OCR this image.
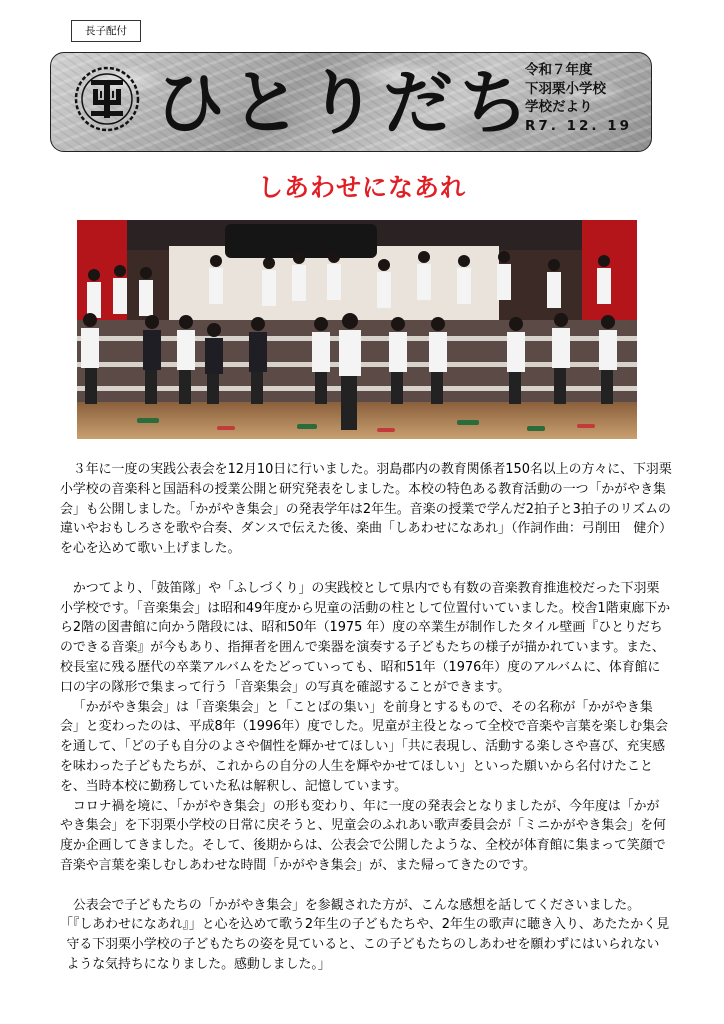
長子配付
ひとりだち
令和７年度
下羽栗小学校
学校だより
R7. 12. 19
しあわせになあれ

３年に一度の実践公表会を12月10日に行いました。羽島郡内の教育関係者150名以上の方々に、下羽栗小学校の音楽科と国語科の授業公開と研究発表をしました。本校の特色ある教育活動の一つ「かがやき集会」も公開しました。「かがやき集会」の発表学年は2年生。音楽の授業で学んだ2拍子と3拍子のリズムの違いやおもしろさを歌や合奏、ダンスで伝えた後、楽曲「しあわせになあれ」（作詞作曲：弓削田　健介）を心を込めて歌い上げました。

かつてより、「鼓笛隊」や「ふしづくり」の実践校として県内でも有数の音楽教育推進校だった下羽栗小学校です。「音楽集会」は昭和49年度から児童の活動の柱として位置付いていました。校舎1階東廊下から2階の図書館に向かう階段には、昭和50年（1975 年）度の卒業生が制作したタイル壁画『ひとりだちのできる音楽』が今もあり、指揮者を囲んで楽器を演奏する子どもたちの様子が描かれています。また、校長室に残る歴代の卒業アルバムをたどっていっても、昭和51年（1976年）度のアルバムに、体育館に口の字の隊形で集まって行う「音楽集会」の写真を確認することができます。

「かがやき集会」は「音楽集会」と「ことばの集い」を前身とするもので、その名称が「かがやき集会」と変わったのは、平成8年（1996年）度でした。児童が主役となって全校で音楽や言葉を楽しむ集会を通して、「どの子も自分のよさや個性を輝かせてほしい」「共に表現し、活動する楽しさや喜び、充実感を味わった子どもたちが、これからの自分の人生を輝やかせてほしい」といった願いから名付けたことを、当時本校に勤務していた私は解釈し、記憶しています。

コロナ禍を境に、「かがやき集会」の形も変わり、年に一度の発表会となりましたが、今年度は「かがやき集会」を下羽栗小学校の日常に戻そうと、児童会のふれあい歌声委員会が「ミニかがやき集会」を何度か企画してきました。そして、後期からは、公表会で公開したような、全校が体育館に集まって笑顔で音楽や言葉を楽しむしあわせな時間「かがやき集会」が、また帰ってきたのです。

公表会で子どもたちの「かがやき集会」を参観された方が、こんな感想を話してくださいました。

「『しあわせになあれ』」と心を込めて歌う2年生の子どもたちや、2年生の歌声に聴き入り、あたたかく見守る下羽栗小学校の子どもたちの姿を見ていると、この子どもたちのしあわせを願わずにはいられないような気持ちになりました。感動しました。」
